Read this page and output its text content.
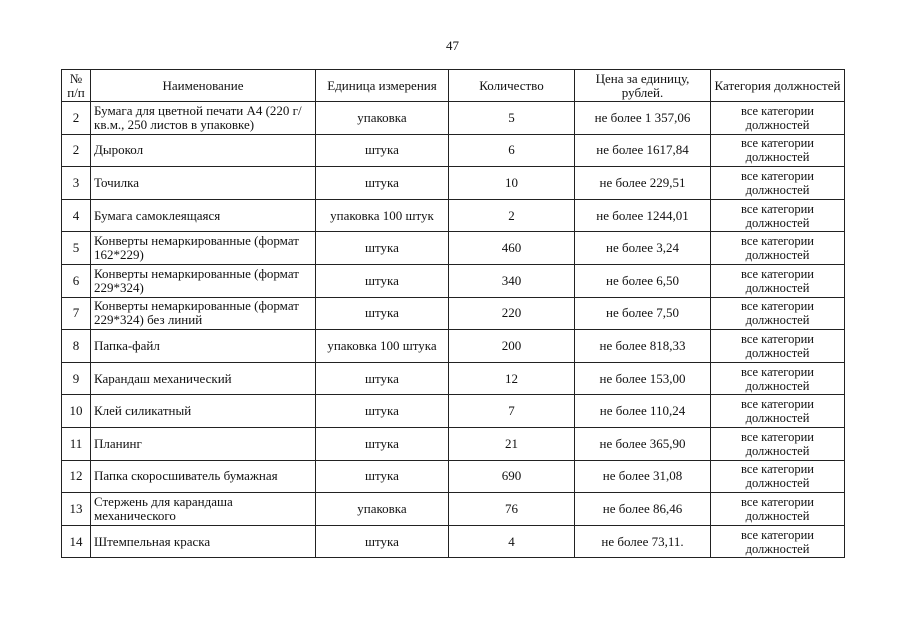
47
№ п/п	Наименование	Единица измерения	Количество	Цена за единицу, рублей.	Категория должностей
2	Бумага для цветной печати А4 (220 г/кв.м., 250 листов в упаковке)	упаковка	5	не более 1 357,06	все категории должностей
2	Дырокол	штука	6	не более 1617,84	все категории должностей
3	Точилка	штука	10	не более 229,51	все категории должностей
4	Бумага самоклеящаяся	упаковка 100 штук	2	не более 1244,01	все категории должностей
5	Конверты немаркированные (формат 162*229)	штука	460	не более 3,24	все категории должностей
6	Конверты немаркированные (формат 229*324)	штука	340	не более 6,50	все категории должностей
7	Конверты немаркированные (формат 229*324) без линий	штука	220	не более 7,50	все категории должностей
8	Папка-файл	упаковка 100 штука	200	не более 818,33	все категории должностей
9	Карандаш механический	штука	12	не более 153,00	все категории должностей
10	Клей силикатный	штука	7	не более 110,24	все категории должностей
11	Планинг	штука	21	не более 365,90	все категории должностей
12	Папка скоросшиватель бумажная	штука	690	не более 31,08	все категории должностей
13	Стержень для карандаша механического	упаковка	76	не более 86,46	все категории должностей
14	Штемпельная краска	штука	4	не более 73,11.	все категории должностей
